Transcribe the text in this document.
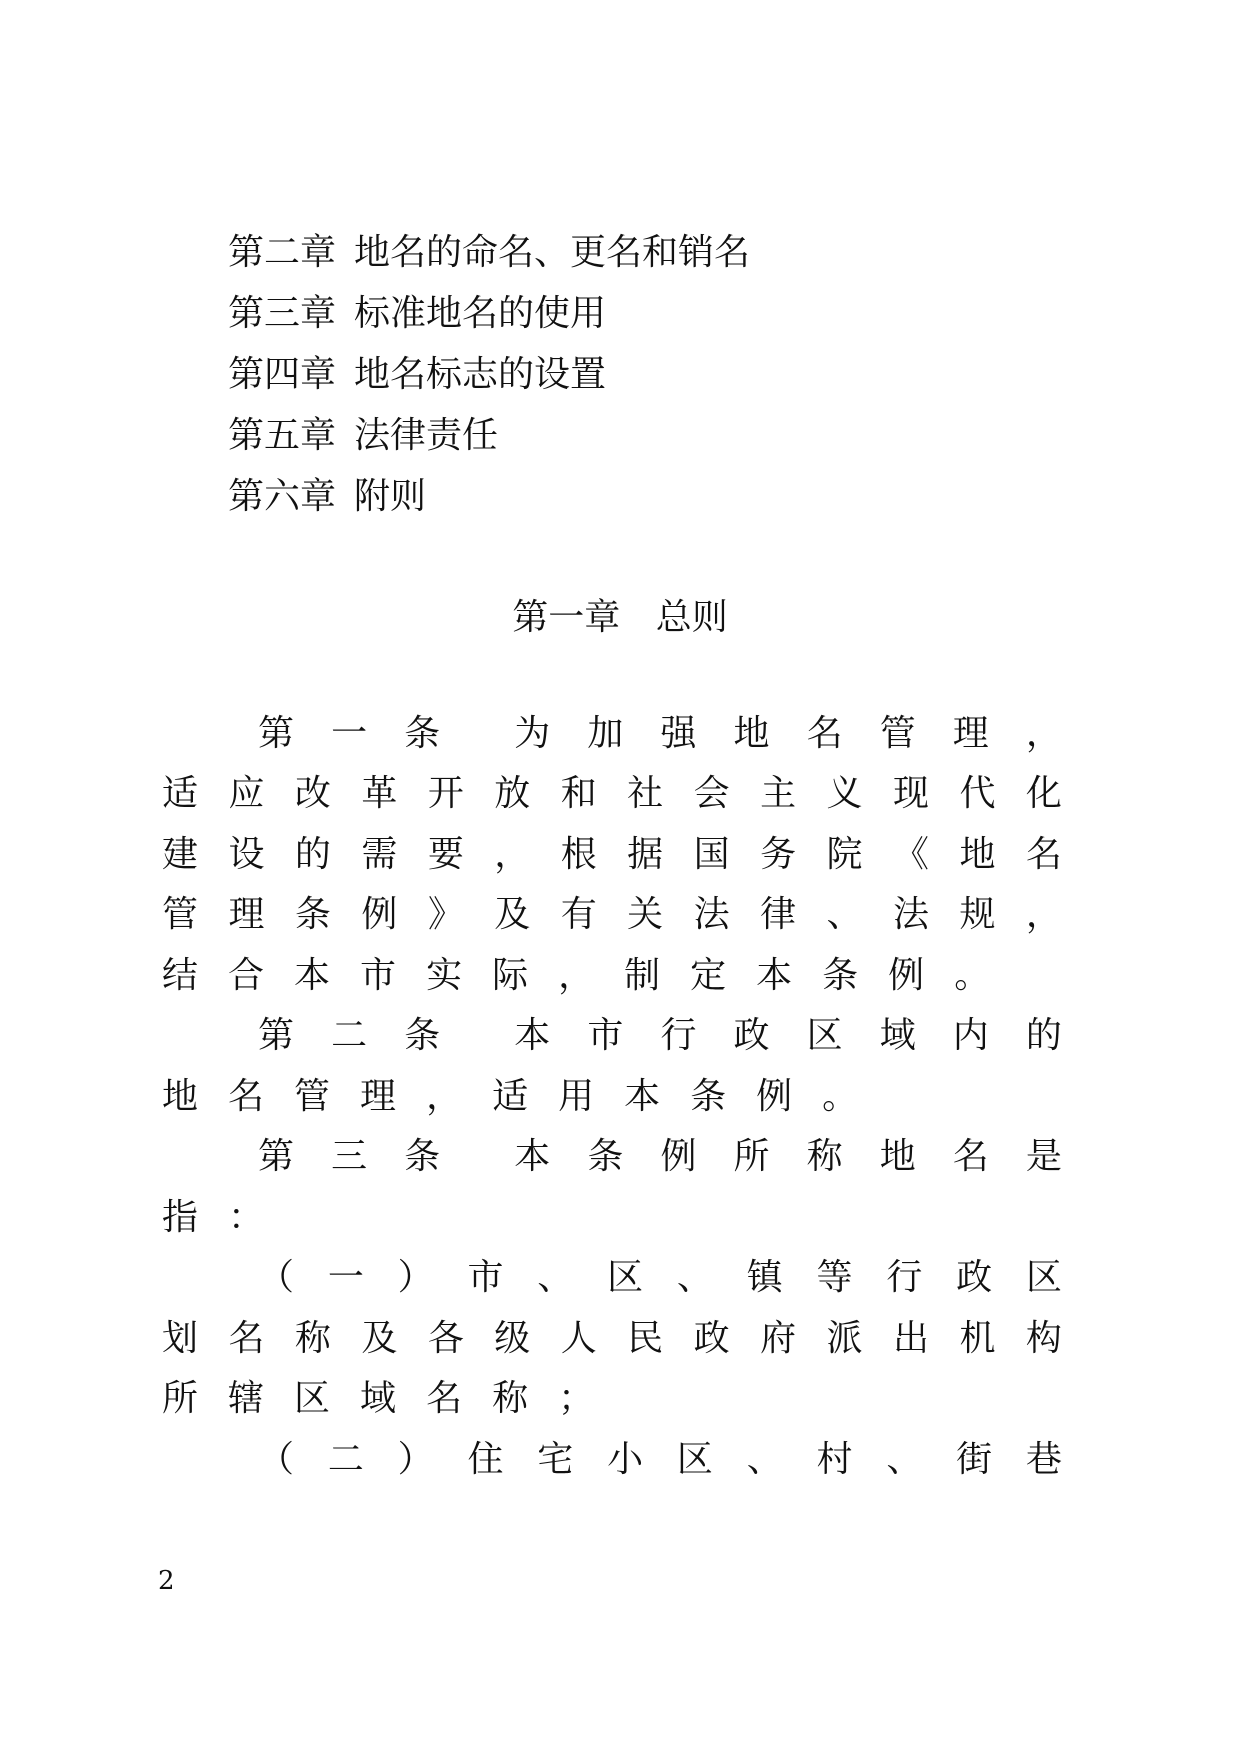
第二章 地名的命名、更名和销名
第三章 标准地名的使用
第四章 地名标志的设置
第五章 法律责任
第六章 附则
第一章 总则
第 一 条 为 加 强 地 名 管 理 ，
适 应 改 革 开 放 和 社 会 主 义 现 代 化
建 设 的 需 要 ， 根 据 国 务 院 《 地 名
管 理 条 例 》 及 有 关 法 律 、 法 规 ，
结 合 本 市 实 际 ， 制 定 本 条 例 。
第 二 条 本 市 行 政 区 域 内 的
地 名 管 理 ， 适 用 本 条 例 。
第 三 条 本 条 例 所 称 地 名 是
指 ：
（ 一 ） 市 、 区 、 镇 等 行 政 区
划 名 称 及 各 级 人 民 政 府 派 出 机 构
所 辖 区 域 名 称 ；
（ 二 ） 住 宅 小 区 、 村 、 街 巷
2
